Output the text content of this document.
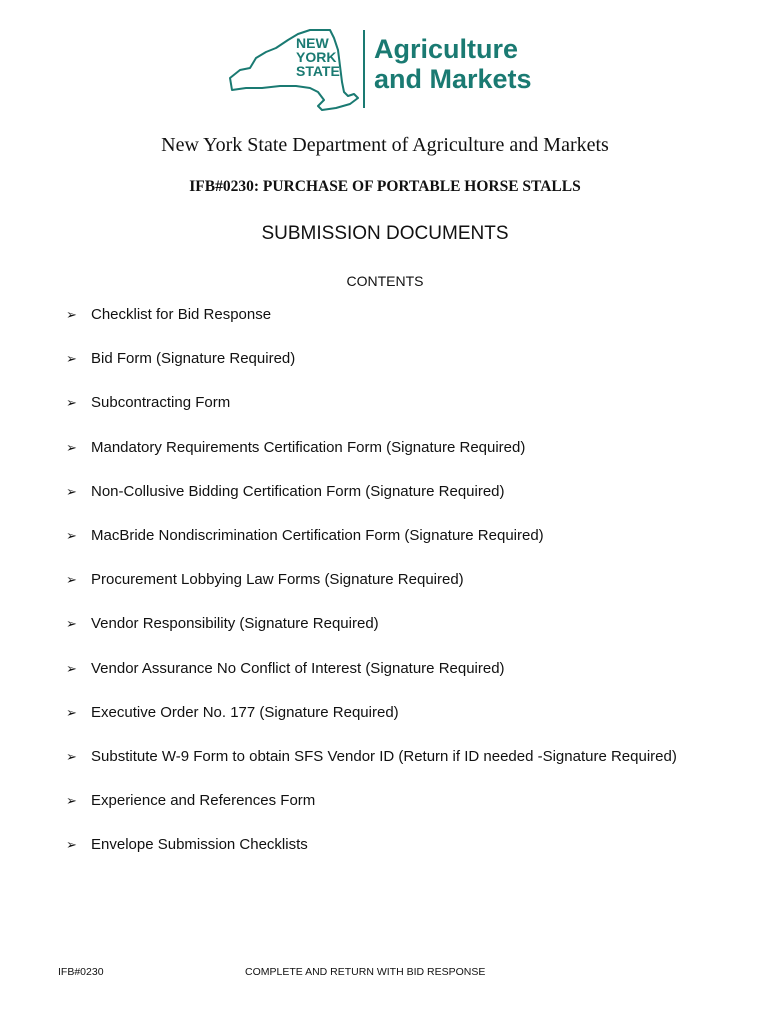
NEW
YORK
STATE
Agriculture
and Markets
New York State Department of Agriculture and Markets
IFB#0230: PURCHASE OF PORTABLE HORSE STALLS
SUBMISSION DOCUMENTS
CONTENTS
➢ Checklist for Bid Response
➢ Bid Form (Signature Required)
➢ Subcontracting Form
➢ Mandatory Requirements Certification Form (Signature Required)
➢ Non-Collusive Bidding Certification Form (Signature Required)
➢ MacBride Nondiscrimination Certification Form (Signature Required)
➢ Procurement Lobbying Law Forms (Signature Required)
➢ Vendor Responsibility (Signature Required)
➢ Vendor Assurance No Conflict of Interest (Signature Required)
➢ Executive Order No. 177 (Signature Required)
➢ Substitute W-9 Form to obtain SFS Vendor ID (Return if ID needed -Signature Required)
➢ Experience and References Form
➢ Envelope Submission Checklists
IFB#0230	COMPLETE AND RETURN WITH BID RESPONSE
